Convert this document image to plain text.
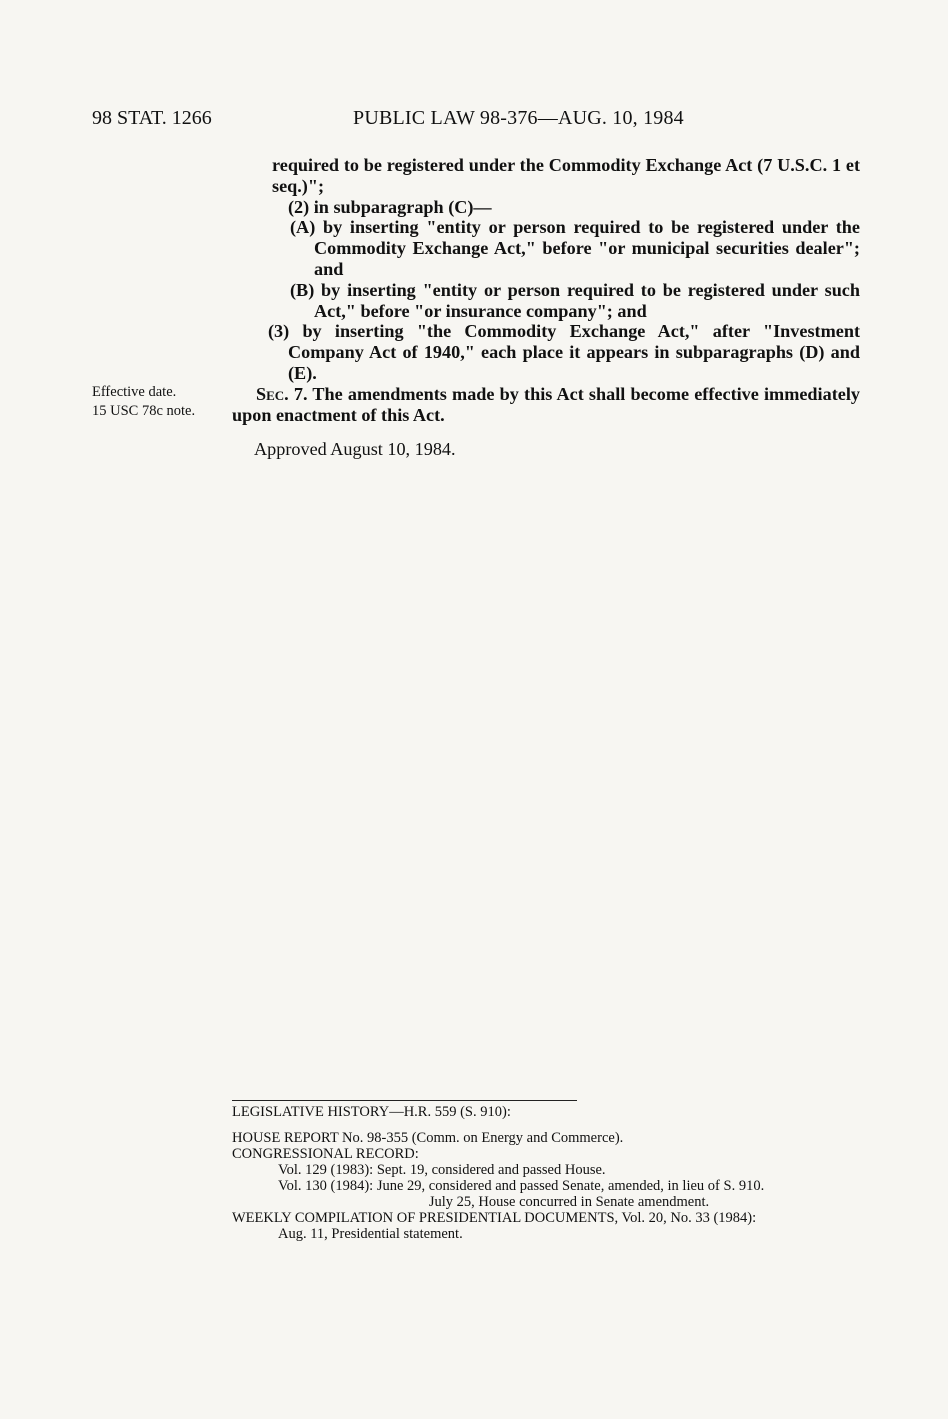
98 STAT. 1266	PUBLIC LAW 98-376—AUG. 10, 1984
Effective date.
15 USC 78c note.

required to be registered under the Commodity Exchange Act (7 U.S.C. 1 et seq.)";

(2) in subparagraph (C)—

(A) by inserting "entity or person required to be registered under the Commodity Exchange Act," before "or municipal securities dealer"; and

(B) by inserting "entity or person required to be registered under such Act," before "or insurance company"; and

(3) by inserting "the Commodity Exchange Act," after "Investment Company Act of 1940," each place it appears in subparagraphs (D) and (E).

Sec. 7. The amendments made by this Act shall become effective immediately upon enactment of this Act.

Approved August 10, 1984.

LEGISLATIVE HISTORY—H.R. 559 (S. 910):

HOUSE REPORT No. 98-355 (Comm. on Energy and Commerce).

CONGRESSIONAL RECORD:

Vol. 129 (1983): Sept. 19, considered and passed House.

Vol. 130 (1984): June 29, considered and passed Senate, amended, in lieu of S. 910.

July 25, House concurred in Senate amendment.

WEEKLY COMPILATION OF PRESIDENTIAL DOCUMENTS, Vol. 20, No. 33 (1984):

Aug. 11, Presidential statement.
